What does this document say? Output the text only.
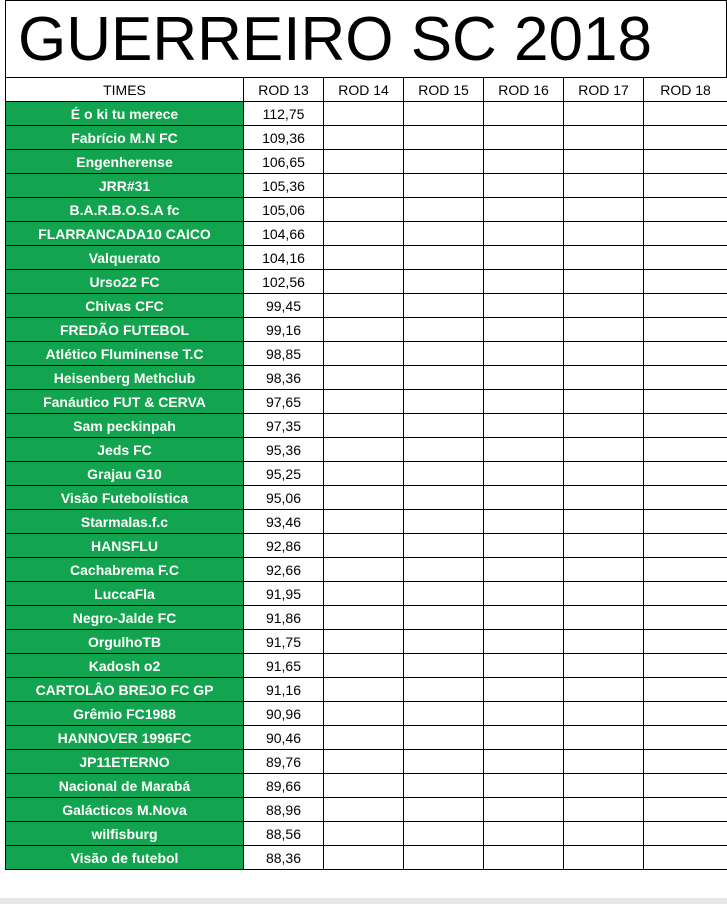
GUERREIRO SC 2018
TIMES	ROD 13	ROD 14	ROD 15	ROD 16	ROD 17	ROD 18
É o ki tu merece	112,75					
Fabrício M.N FC	109,36					
Engenherense	106,65					
JRR#31	105,36					
B.A.R.B.O.S.A fc	105,06					
FLARRANCADA10 CAICO	104,66					
Valquerato	104,16					
Urso22 FC	102,56					
Chivas CFC	99,45					
FREDÃO FUTEBOL	99,16					
Atlético Fluminense T.C	98,85					
Heisenberg Methclub	98,36					
Fanáutico FUT & CERVA	97,65					
Sam peckinpah	97,35					
Jeds FC	95,36					
Grajau G10	95,25					
Visão Futebolística	95,06					
Starmalas.f.c	93,46					
HANSFLU	92,86					
Cachabrema F.C	92,66					
LuccaFla	91,95					
Negro-Jalde FC	91,86					
OrgulhoTB	91,75					
Kadosh o2	91,65					
CARTOLÂO BREJO FC GP	91,16					
Grêmio FC1988	90,96					
HANNOVER 1996FC	90,46					
JP11ETERNO	89,76					
Nacional de Marabá	89,66					
Galácticos M.Nova	88,96					
wilfisburg	88,56					
Visão de futebol	88,36					
